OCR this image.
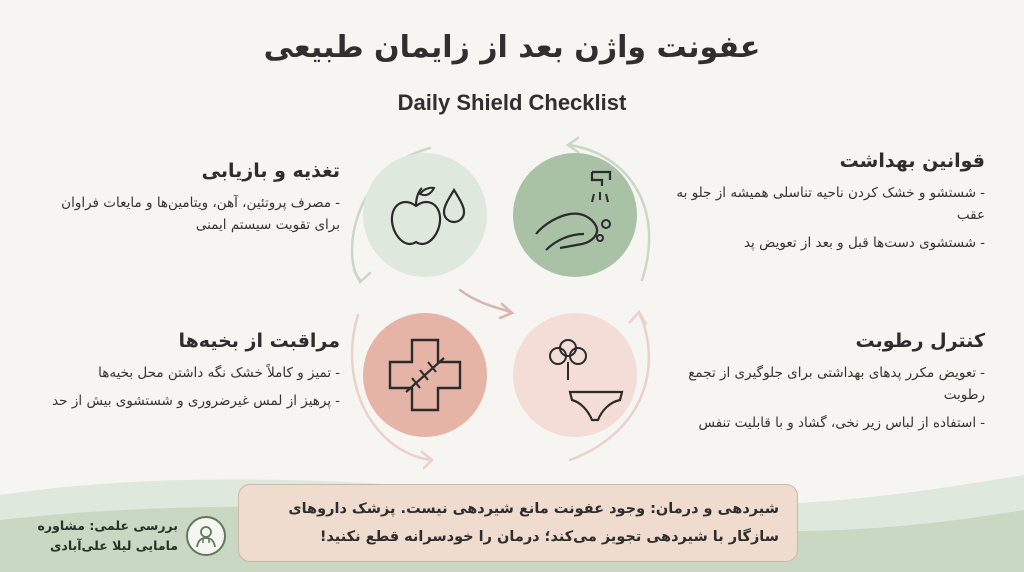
عفونت واژن بعد از زایمان طبیعی
Daily Shield Checklist
تغذیه و بازیابی
-مصرف پروتئین، آهن، ویتامین‌ها و مایعات فراوان برای تقویت سیستم ایمنی
قوانین بهداشت
-شستشو و خشک کردن ناحیه تناسلی همیشه از جلو به عقب
-شستشوی دست‌ها قبل و بعد از تعویض پد
مراقبت از بخیه‌ها
-تمیز و کاملاً خشک نگه داشتن محل بخیه‌ها
-پرهیز از لمس غیرضروری و شستشوی بیش از حد
کنترل رطوبت
-تعویض مکرر پدهای بهداشتی برای جلوگیری از تجمع رطوبت
-استفاده از لباس زیر نخی، گشاد و با قابلیت تنفس
شیردهی و درمان: وجود عفونت مانع شیردهی نیست. پزشک داروهای سازگار با شیردهی تجویز می‌کند؛ درمان را خودسرانه قطع نکنید!
بررسی علمی: مشاوره
مامایی لیلا علی‌آبادی
